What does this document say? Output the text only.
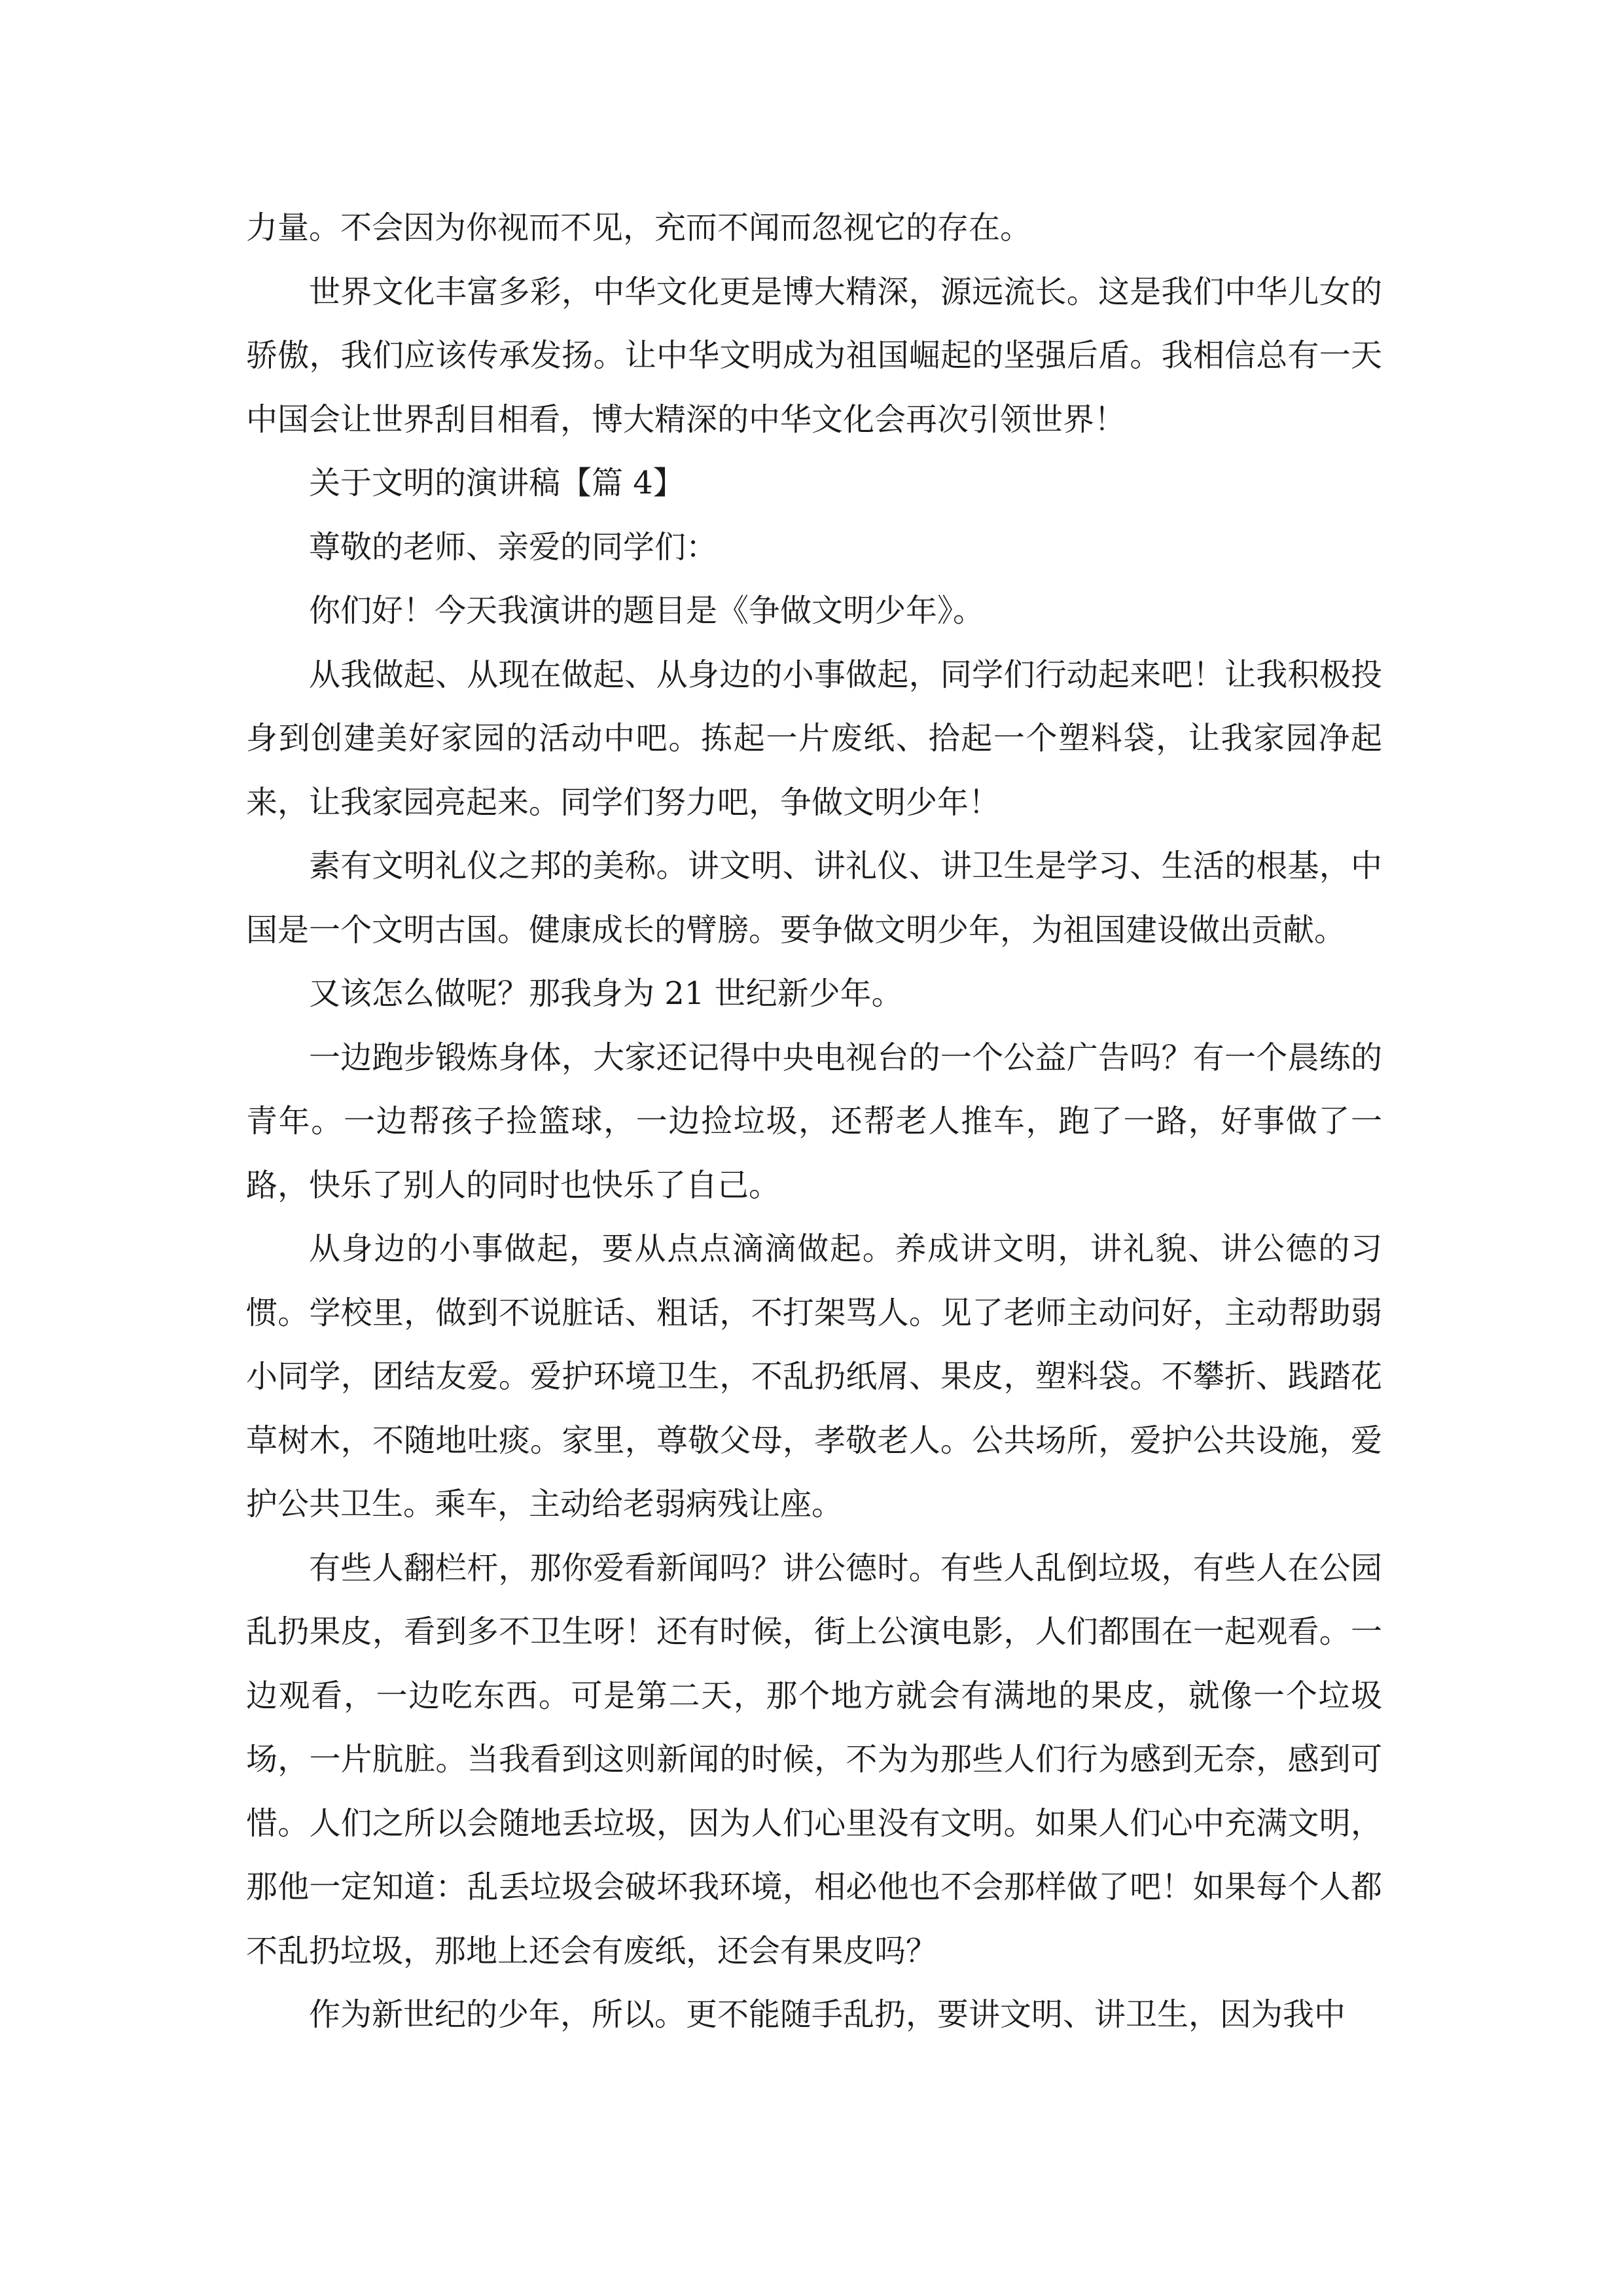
力量。不会因为你视而不见，充而不闻而忽视它的存在。

世界文化丰富多彩，中华文化更是博大精深，源远流长。这是我们中华儿女的骄傲，我们应该传承发扬。让中华文明成为祖国崛起的坚强后盾。我相信总有一天中国会让世界刮目相看，博大精深的中华文化会再次引领世界！

关于文明的演讲稿【篇 4】

尊敬的老师、亲爱的同学们：

你们好！今天我演讲的题目是《争做文明少年》。

从我做起、从现在做起、从身边的小事做起，同学们行动起来吧！让我积极投身到创建美好家园的活动中吧。拣起一片废纸、拾起一个塑料袋，让我家园净起来，让我家园亮起来。同学们努力吧，争做文明少年！

素有文明礼仪之邦的美称。讲文明、讲礼仪、讲卫生是学习、生活的根基，中国是一个文明古国。健康成长的臂膀。要争做文明少年，为祖国建设做出贡献。

又该怎么做呢？那我身为 21 世纪新少年。

一边跑步锻炼身体，大家还记得中央电视台的一个公益广告吗？有一个晨练的青年。一边帮孩子捡篮球，一边捡垃圾，还帮老人推车，跑了一路，好事做了一路，快乐了别人的同时也快乐了自己。

从身边的小事做起，要从点点滴滴做起。养成讲文明，讲礼貌、讲公德的习惯。学校里，做到不说脏话、粗话，不打架骂人。见了老师主动问好，主动帮助弱小同学，团结友爱。爱护环境卫生，不乱扔纸屑、果皮，塑料袋。不攀折、践踏花草树木，不随地吐痰。家里，尊敬父母，孝敬老人。公共场所，爱护公共设施，爱护公共卫生。乘车，主动给老弱病残让座。

有些人翻栏杆，那你爱看新闻吗？讲公德时。有些人乱倒垃圾，有些人在公园乱扔果皮，看到多不卫生呀！还有时候，街上公演电影，人们都围在一起观看。一边观看，一边吃东西。可是第二天，那个地方就会有满地的果皮，就像一个垃圾场，一片肮脏。当我看到这则新闻的时候，不为为那些人们行为感到无奈，感到可惜。人们之所以会随地丢垃圾，因为人们心里没有文明。如果人们心中充满文明，那他一定知道：乱丢垃圾会破坏我环境，相必他也不会那样做了吧！如果每个人都不乱扔垃圾，那地上还会有废纸，还会有果皮吗？

作为新世纪的少年，所以。更不能随手乱扔，要讲文明、讲卫生，因为我中
